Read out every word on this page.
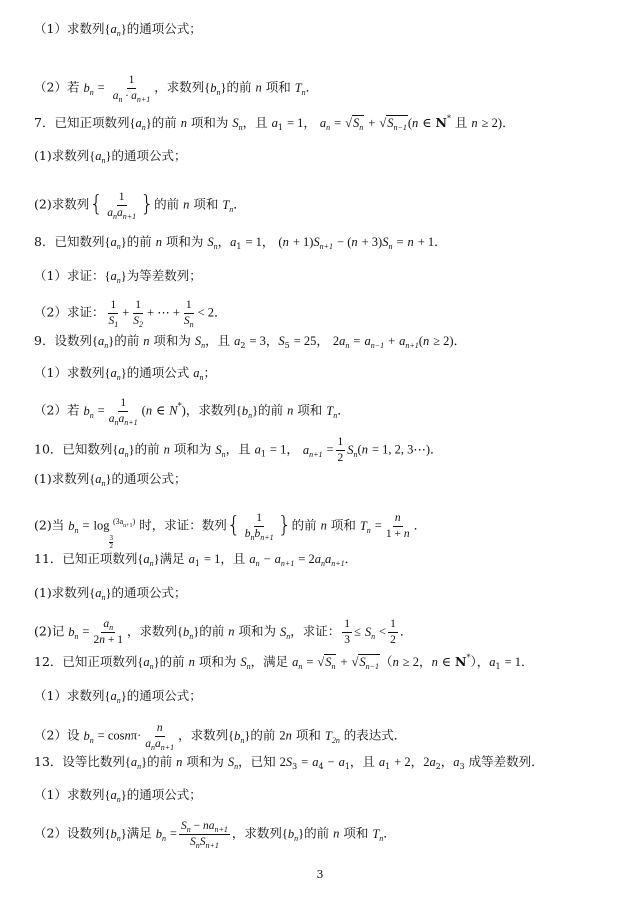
（1）求数列$\{a_n\}$的通项公式；
（2）若 $b_n = \frac{1}{a_n \cdot a_{n+1}}$ ，求数列$\{b_n\}$的前 n 项和 $T_n$．
7．已知正项数列$\{a_n\}$的前 n 项和为 $S_n$，且 $a_1 = 1$， $a_n = √S_n + √S_{n-1}(n$ ∈ N* 且 n ≥ 2)．
(1)求数列$\{a_n\}$的通项公式；
(2)求数列{ $\frac{1}{a_na_{n+1}}$ }的前 n 项和 $T_n$．
8．已知数列$\{a_n\}$的前 n 项和为 $S_n$，$a_1 = 1$， $(n + 1)S_{n+1} - (n + 3)S_n = n + 1$．
（1）求证：$\{a_n\}$为等差数列；
（2）求证： $\frac{1}{S_1} + \frac{1}{S_2}$ + ⋯ + $\frac{1}{S_n} < 2$．
9．设数列$\{a_n\}$的前 n 项和为 $S_n$，且 $a_2 = 3$，$S_5 = 25$， $2a_n = a_{n-1} + a_{n+1}(n \ge 2)$．
（1）求数列$\{a_n\}$的通项公式 $a_n$；
（2）若 $b_n = \frac{1}{a_na_{n+1}} (n$ ∈ N*)，求数列$\{b_n\}$的前 n 项和 $T_n$．
10．已知数列$\{a_n\}$的前 n 项和为 $S_n$，且 $a_1 = 1$， $a_{n+1} = \frac{1}{2} S_n(n = 1$, 2, 3⋯)．
(1)求数列$\{a_n\}$的通项公式；
(2)当 $b_n = \log$
$\frac{3}{2}$
$^{(3a_{n+1})}$ 时，求证：数列{ $\frac{1}{b_nb_{n+1}}$ }的前 n 项和 $T_n = \frac{n}{1 + n}$ ．
11．已知正项数列$\{a_n\}$满足 $a_1 = 1$，且 $a_n - a_{n+1} = 2a_na_{n+1}$．
(1)求数列$\{a_n\}$的通项公式；
(2)记 $b_n = \frac{a_n}{2n + 1}$ ，求数列$\{b_n\}$的前 n 项和为 $S_n$，求证： $\frac{1}{3} \le S_n < \frac{1}{2}$ ．
12．已知正项数列$\{a_n\}$的前 n 项和为 $S_n$，满足 $a_n = √S_n + √S_{n-1}(n \ge 2$，n ∈ N*），$a_1 = 1$．
（1）求数列$\{a_n\}$的通项公式；
（2）设 $b_n = \cos n\pi\cdot \frac{n}{a_na_{n+1}}$ ，求数列$\{b_n\}$的前 2n 项和 $T_{2n}$ 的表达式．
13．设等比数列$\{a_n\}$的前 n 项和为 $S_n$，已知 $2S_3 = a_4 - a_1$，且 $a_1 + 2$，$2a_2$，$a_3$ 成等差数列．
（1）求数列$\{a_n\}$的通项公式；
（2）设数列$\{b_n\}$满足 $b_n = \frac{S_n - na_{n+1}}{S_nS_{n+1}}$ ，求数列$\{b_n\}$的前 n 项和 $T_n$．
3
